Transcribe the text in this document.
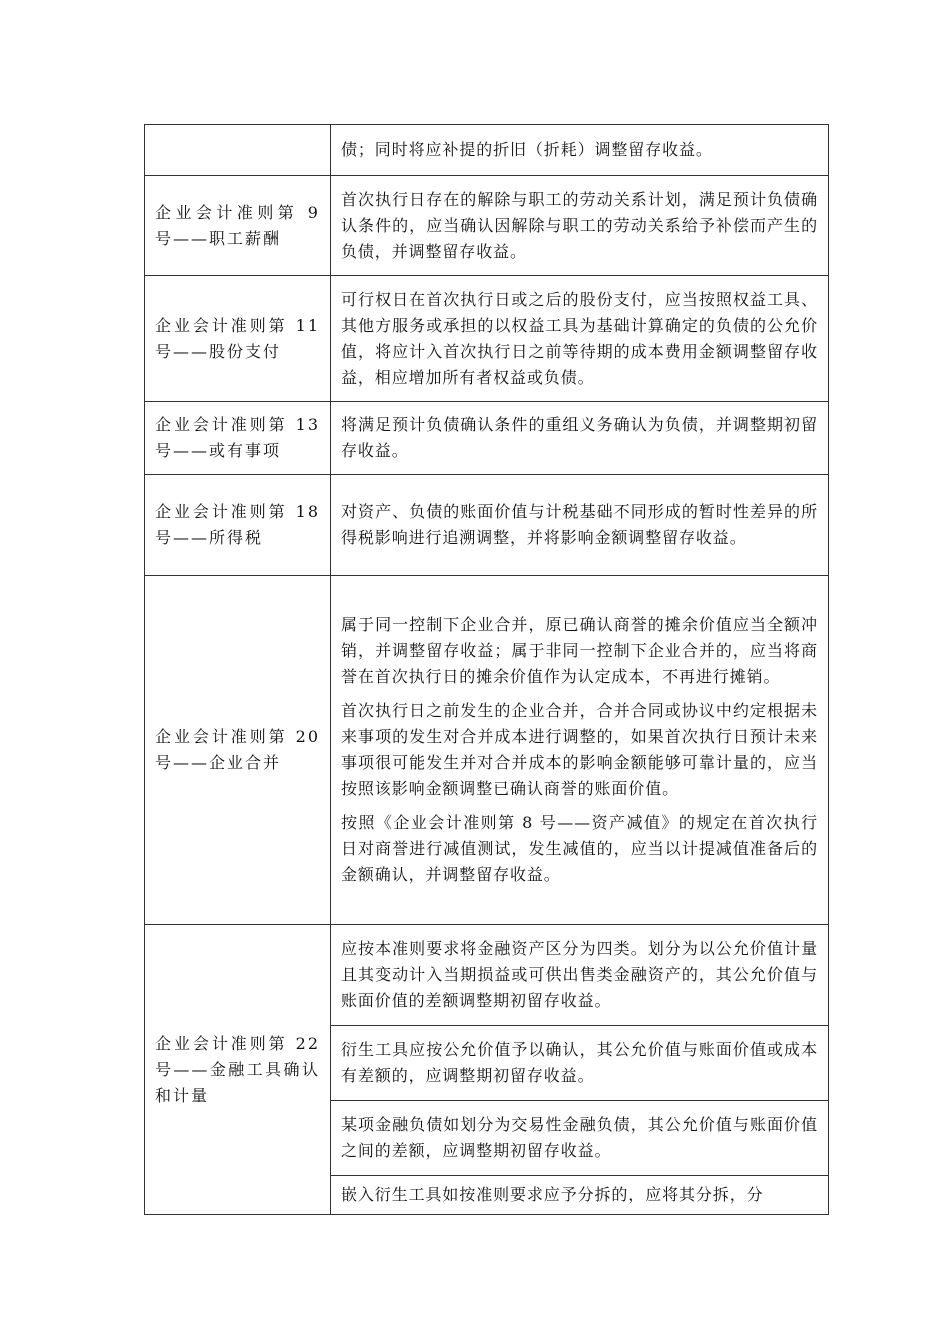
	债；同时将应补提的折旧（折耗）调整留存收益。

企业会计准则第 9 号——职工薪酬	首次执行日存在的解除与职工的劳动关系计划，满足预计负债确认条件的，应当确认因解除与职工的劳动关系给予补偿而产生的负债，并调整留存收益。

企业会计准则第 11 号——股份支付	可行权日在首次执行日或之后的股份支付，应当按照权益工具、其他方服务或承担的以权益工具为基础计算确定的负债的公允价值，将应计入首次执行日之前等待期的成本费用金额调整留存收益，相应增加所有者权益或负债。

企业会计准则第 13 号——或有事项	将满足预计负债确认条件的重组义务确认为负债，并调整期初留存收益。

企业会计准则第 18 号——所得税	对资产、负债的账面价值与计税基础不同形成的暂时性差异的所得税影响进行追溯调整，并将影响金额调整留存收益。

企业会计准则第 20 号——企业合并	属于同一控制下企业合并，原已确认商誉的摊余价值应当全额冲销，并调整留存收益；属于非同一控制下企业合并的，应当将商誉在首次执行日的摊余价值作为认定成本，不再进行摊销。
首次执行日之前发生的企业合并，合并合同或协议中约定根据未来事项的发生对合并成本进行调整的，如果首次执行日预计未来事项很可能发生并对合并成本的影响金额能够可靠计量的，应当按照该影响金额调整已确认商誉的账面价值。
按照《企业会计准则第 8 号——资产减值》的规定在首次执行日对商誉进行减值测试，发生减值的，应当以计提减值准备后的金额确认，并调整留存收益。

企业会计准则第 22 号——金融工具确认和计量	应按本准则要求将金融资产区分为四类。划分为以公允价值计量且其变动计入当期损益或可供出售类金融资产的，其公允价值与账面价值的差额调整期初留存收益。

	衍生工具应按公允价值予以确认，其公允价值与账面价值或成本有差额的，应调整期初留存收益。

	某项金融负债如划分为交易性金融负债，其公允价值与账面价值之间的差额，应调整期初留存收益。

	嵌入衍生工具如按准则要求应予分拆的，应将其分拆，分
